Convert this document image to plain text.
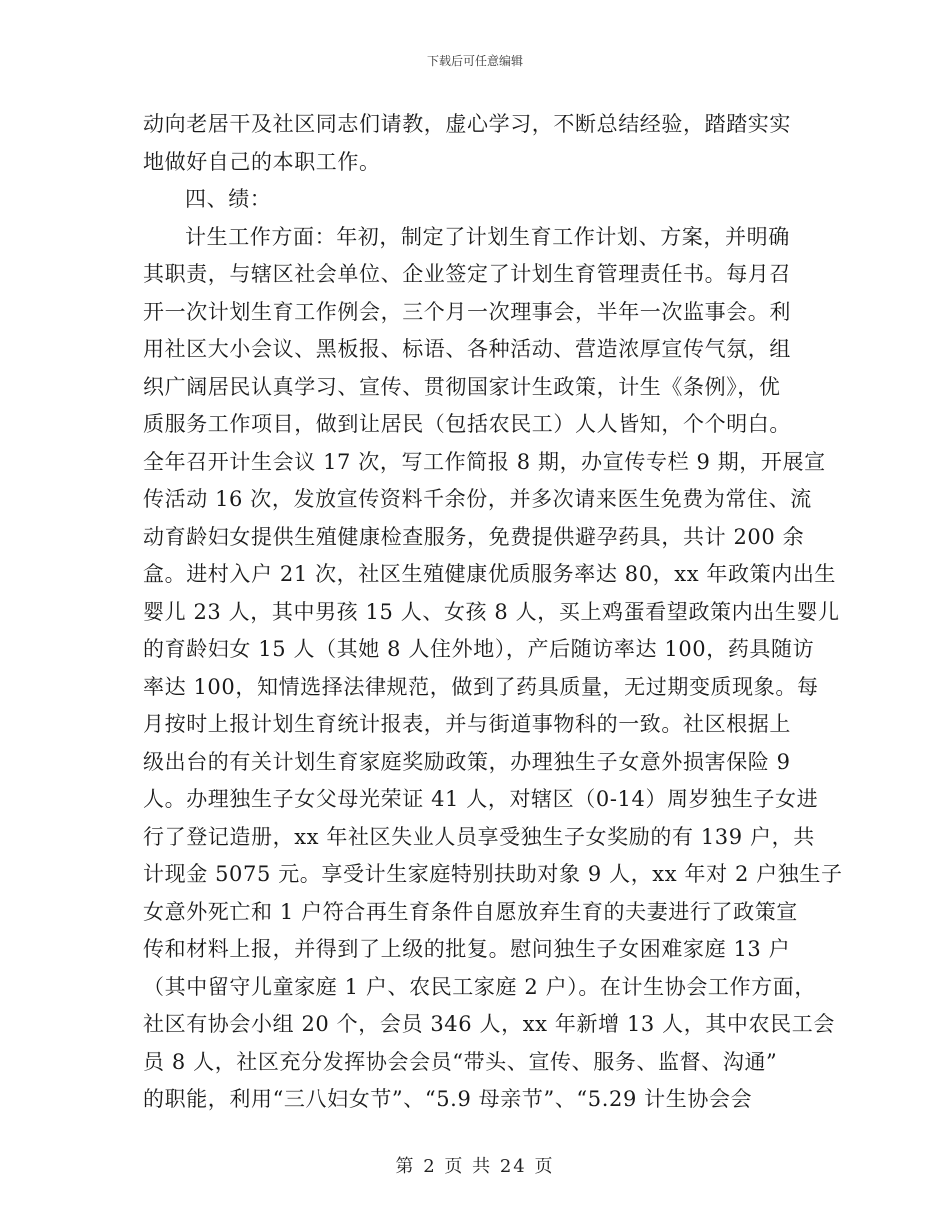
下载后可任意编辑
动向老居干及社区同志们请教，虚心学习，不断总结经验，踏踏实实
地做好自己的本职工作。
四、绩：
计生工作方面：年初，制定了计划生育工作计划、方案，并明确
其职责，与辖区社会单位、企业签定了计划生育管理责任书。每月召
开一次计划生育工作例会，三个月一次理事会，半年一次监事会。利
用社区大小会议、黑板报、标语、各种活动、营造浓厚宣传气氛，组
织广阔居民认真学习、宣传、贯彻国家计生政策，计生《条例》，优
质服务工作项目，做到让居民（包括农民工）人人皆知，个个明白。
全年召开计生会议 17 次，写工作简报 8 期，办宣传专栏 9 期，开展宣
传活动 16 次，发放宣传资料千余份，并多次请来医生免费为常住、流
动育龄妇女提供生殖健康检查服务，免费提供避孕药具，共计 200 余
盒。进村入户 21 次，社区生殖健康优质服务率达 80，xx 年政策内出生
婴儿 23 人，其中男孩 15 人、女孩 8 人，买上鸡蛋看望政策内出生婴儿
的育龄妇女 15 人（其她 8 人住外地），产后随访率达 100，药具随访
率达 100，知情选择法律规范，做到了药具质量，无过期变质现象。每
月按时上报计划生育统计报表，并与街道事物科的一致。社区根据上
级出台的有关计划生育家庭奖励政策，办理独生子女意外损害保险 9
人。办理独生子女父母光荣证 41 人，对辖区（0-14）周岁独生子女进
行了登记造册，xx 年社区失业人员享受独生子女奖励的有 139 户，共
计现金 5075 元。享受计生家庭特别扶助对象 9 人，xx 年对 2 户独生子
女意外死亡和 1 户符合再生育条件自愿放弃生育的夫妻进行了政策宣
传和材料上报，并得到了上级的批复。慰问独生子女困难家庭 13 户
（其中留守儿童家庭 1 户、农民工家庭 2 户）。在计生协会工作方面，
社区有协会小组 20 个，会员 346 人，xx 年新增 13 人，其中农民工会
员 8 人，社区充分发挥协会会员“带头、宣传、服务、监督、沟通”
的职能，利用“三八妇女节”、“5.9 母亲节”、“5.29 计生协会会
第 2 页 共 24 页
